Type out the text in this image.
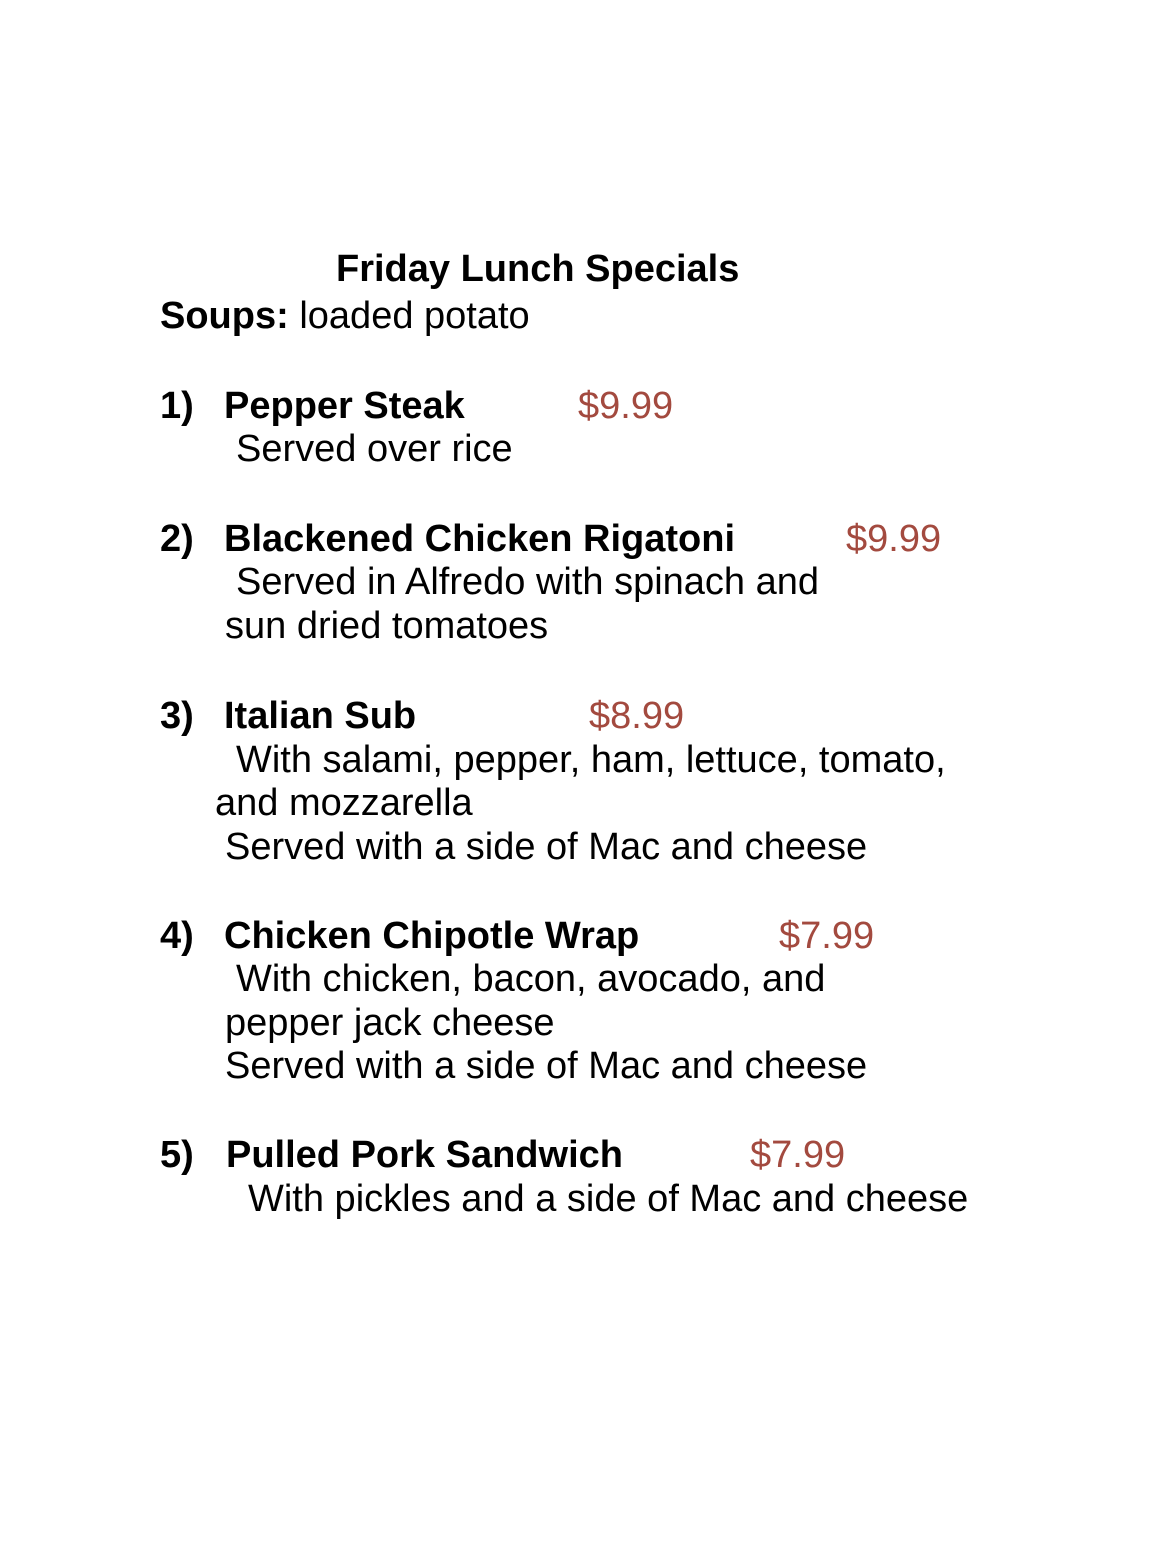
Friday Lunch Specials
Soups: loaded potato
1) Pepper Steak	$9.99
Served over rice
2) Blackened Chicken Rigatoni	$9.99
Served in Alfredo with spinach and
sun dried tomatoes
3) Italian Sub	$8.99
With salami, pepper, ham, lettuce, tomato,
and mozzarella
Served with a side of Mac and cheese
4) Chicken Chipotle Wrap	$7.99
With chicken, bacon, avocado, and
pepper jack cheese
Served with a side of Mac and cheese
5) Pulled Pork Sandwich	$7.99
With pickles and a side of Mac and cheese
